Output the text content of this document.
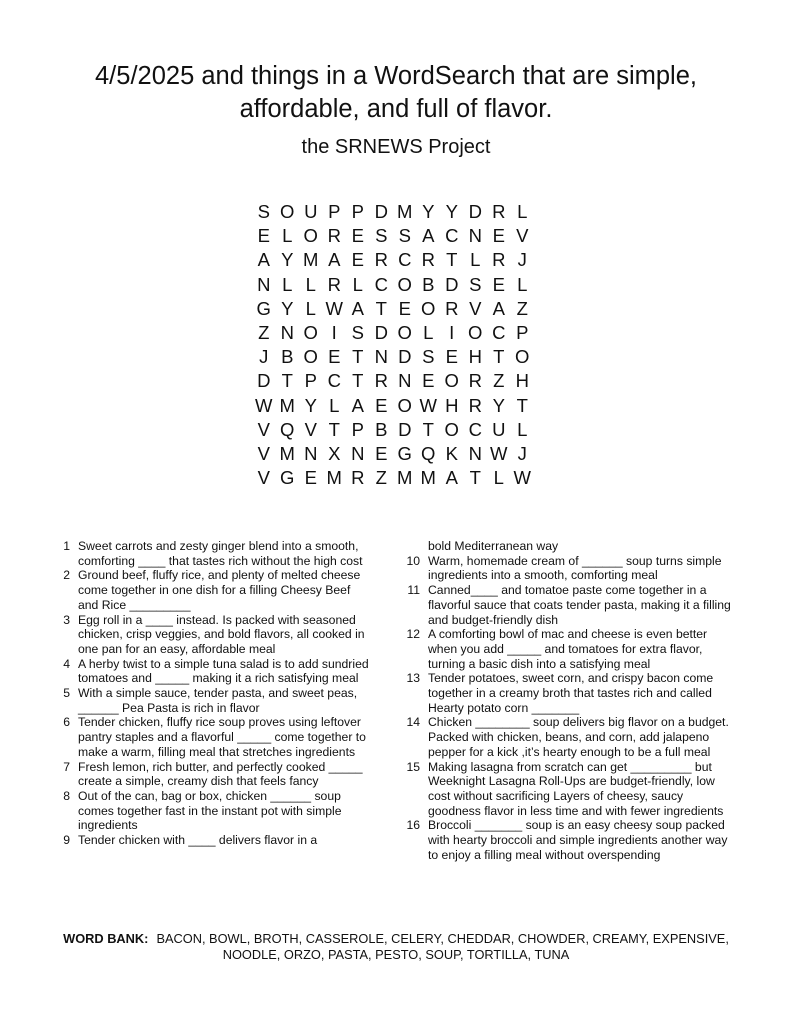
4/5/2025 and things in a WordSearch that are simple,
affordable, and full of flavor.
the SRNEWS Project
S O U P P D M Y Y D R L
E L O R E S S A C N E V
A Y M A E R C R T L R J
N L L R L C O B D S E L
G Y L W A T E O R V A Z
Z N O I S D O L I O C P
J B O E T N D S E H T O
D T P C T R N E O R Z H
W M Y L A E O W H R Y T
V Q V T P B D T O C U L
V M N X N E G Q K N W J
V G E M R Z M M A T L W
1 Sweet carrots and zesty ginger blend into a smooth, comforting ____ that tastes rich without the high cost
2 Ground beef, fluffy rice, and plenty of melted cheese come together in one dish for a filling Cheesy Beef and Rice _________
3 Egg roll in a ____ instead. Is packed with seasoned chicken, crisp veggies, and bold flavors, all cooked in one pan for an easy, affordable meal
4 A herby twist to a simple tuna salad is to add sundried tomatoes and _____ making it a rich satisfying meal
5 With a simple sauce, tender pasta, and sweet peas, ______ Pea Pasta is rich in flavor
6 Tender chicken, fluffy rice soup proves using leftover pantry staples and a flavorful _____ come together to make a warm, filling meal that stretches ingredients
7 Fresh lemon, rich butter, and perfectly cooked _____ create a simple, creamy dish that feels fancy
8 Out of the can, bag or box, chicken ______ soup comes together fast in the instant pot with simple ingredients
9 Tender chicken with ____ delivers flavor in a
bold Mediterranean way
10 Warm, homemade cream of ______ soup turns simple ingredients into a smooth, comforting meal
11 Canned____ and tomatoe paste come together in a flavorful sauce that coats tender pasta, making it a filling and budget-friendly dish
12 A comforting bowl of mac and cheese is even better when you add _____ and tomatoes for extra flavor, turning a basic dish into a satisfying meal
13 Tender potatoes, sweet corn, and crispy bacon come together in a creamy broth that tastes rich and called Hearty potato corn _______
14 Chicken ________ soup delivers big flavor on a budget. Packed with chicken, beans, and corn, add jalapeno pepper for a kick ,it’s hearty enough to be a full meal
15 Making lasagna from scratch can get _________ but Weeknight Lasagna Roll-Ups are budget-friendly, low cost without sacrificing Layers of cheesy, saucy goodness flavor in less time and with fewer ingredients
16 Broccoli _______ soup is an easy cheesy soup packed with hearty broccoli and simple ingredients another way to enjoy a filling meal without overspending
WORD BANK: BACON, BOWL, BROTH, CASSEROLE, CELERY, CHEDDAR, CHOWDER, CREAMY, EXPENSIVE,
NOODLE, ORZO, PASTA, PESTO, SOUP, TORTILLA, TUNA
